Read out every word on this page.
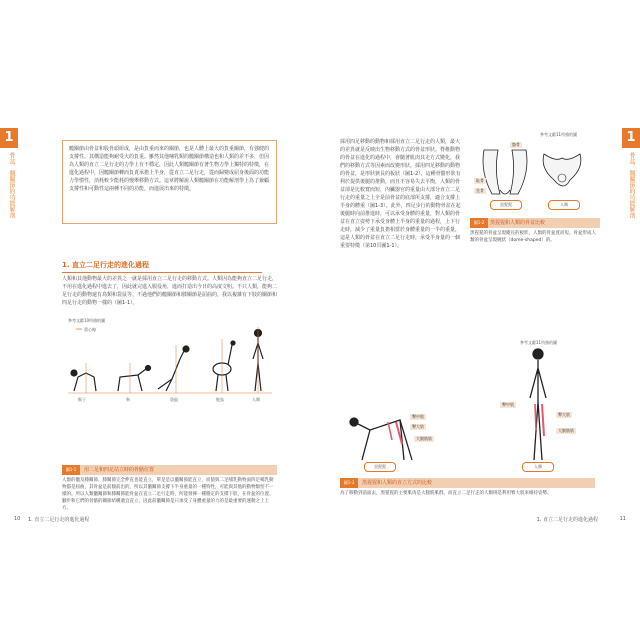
1
骨盆、髖關節的功能解剖
髖關節由骨盆和股骨頭組成，是由負重而來的關節，也是人體上最大的負重關節，有強健的支撐性。其構造能夠耐受大的負重。雖然其他哺乳類的髖關節構造也和人類的差不多，但因為人類的直立二足行走的力學上有不穩定，因此人類髖關節有著生物力學上獨特的特徵，在進化過程中，因髖關節轉而負責承擔上半身，從直立二足行走，從而歸變成屈身後面的功能力學慣性，消耗較少能耗的慢舉移動方式。這章將解說人類髖關節在功能解剖學上為了兼顧支撐性和可動性這兩種不同的功能，而進展出來的特徵。
1. 直立二足行走的進化過程
人類和其他動物最大的差異之一就是採用直立二足行走的移動方式。人類因為能夠直立二足行走，不用在進化過程中進去了，因此就完進入服役角，進而打造出今日的高度文明。不只人類，能夠二足行走的動物還有鳥類和袋鼠等。不過他們的髖關節和膝關節是屈曲的，我以複雜有下肢的關節和四足行走的動物一樣的（圖1-1）。
參考文獻10所繪的圖
重心線
猴子	狗	袋鼠	鴕鳥	人類
圖1-1	用二足和四足站立時的骨骼位置
人類的髖及膝關節，膝關節完全伸直也能直立，單是是以髖關節能直立，而猿與二足哺乳動物面四足哺乳動物都是屈曲，其骨盆是前傾前出的，所以其髖關節支撐下半身重量的一種特性，可能與其他的動物類型不一樣的。所以人類髖關節和膝關節能骨盆在直立二足行走時，所能發揮一種穩定的支撐下肢，在骨盆的位置、腳步和它們的骨骼的關節結構適宜直立，因此前髖關節是只承受了身體重量的力的是最重要的運動之上上方。
10 1. 直立二足行走的進化過程
1
骨盆、髖關節的功能解剖
採用四足移動的動物和採用直立二足行走的人類，最大的差異就是反映出生物移動方式的骨盆形狀。脊椎動物的骨盆在進化的過程中，會隨著肌肉其走方式變化，我們的移動方式等因素而改變形狀。採用四足移動的動物的骨盆，是形狀狹長的板狀（圖1-2），這種骨骼形狀有利於提供後腿的推動，而且不容易失去平衡，人類的骨盆卻是比較寬而短，內臟器官的重量由大部分直立二足行走的重量之上全是前骨盆的底部所支撐，適合支撐上半身的體重（圖1-3）。此外，四足步行的動物骨盆在起後腿時向前推進時，可以承受身體的重量，對人類的骨盆在直立姿勢下承受身體上半身的重量的過程，上下行走時，減少了重量負擔相當於身體重量的一半的重量，這是人類的骨盆在直立二足行走時，承受半身量的一個重要特徵（第10頁圖1-1）。
參考文獻11所繪的圖
髂骨
恥骨
坐骨
黑猩猩	人類
圖1-2	黑猩猩和人類的骨盆比較
黑猩猩的骨盆呈現縱長的板狀，人類的骨盆寬而短。骨盆形成人類的骨盆呈現碗狀（dome-shaped）的。
參考文獻11所繪的圖
臀中肌
臀大肌
大腿筋肌
臀中肌
臀大肌
大腿筋肌
黑猩猩	人類
圖1-3	黑猩猩和人類的直立方式的比較
為了移動到前面去，黑猩猩的主要肌肉是大腿筋肌群，而直立二足行走的人類則是利用臀大肌來維持姿勢。
1. 直立二足行走的進化過程	11
